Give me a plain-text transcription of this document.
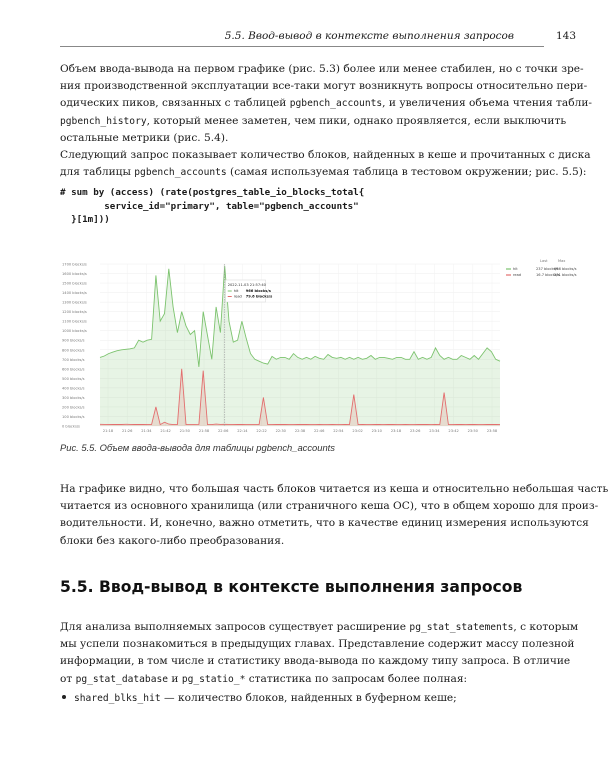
5.5. Ввод-вывод в контексте выполнения запросов	143

Объем ввода-вывода на первом графике (рис. 5.3) более или менее стабилен, но с точки зре-
ния производственной эксплуатации все-таки могут возникнуть вопросы относительно пери-
одических пиков, связанных с таблицей pgbench_accounts, и увеличения объема чтения табли-
pgbench_history, который менее заметен, чем пики, однако проявляется, если выключить
остальные метрики (рис. 5.4).

Следующий запрос показывает количество блоков, найденных в кеше и прочитанных с диска
для таблицы pgbench_accounts (самая используемая таблица в тестовом окружении; рис. 5.5):

# sum by (access) (rate(postgres_table_io_blocks_total{
service_id="primary", table="pgbench_accounts"
}[1m]))
0 blocks/s
100 blocks/s
200 blocks/s
300 blocks/s
400 blocks/s
500 blocks/s
600 blocks/s
700 blocks/s
800 blocks/s
900 blocks/s
1000 blocks/s
1100 blocks/s
1200 blocks/s
1300 blocks/s
1400 blocks/s
1500 blocks/s
1600 blocks/s
1700 blocks/s
21:18 21:26 21:34 21:42 21:50 21:58 22:06 22:14 22:22 22:30 22:38 22:46 22:54 23:02 23:10 23:18 23:26 23:34 23:42 23:50 23:58
2022-11-03 21:57:40
hit 966 blocks/s
read 79.6 blocks/s
Last	Max
hit	237 blocks/s
966 blocks/s
read	16.7 blocks/s
291 blocks/s
Рис. 5.5. Объем ввода-вывода для таблицы pgbench_accounts

На графике видно, что большая часть блоков читается из кеша и относительно небольшая часть
читается из основного хранилища (или страничного кеша ОС), что в общем хорошо для произ-
водительности. И, конечно, важно отметить, что в качестве единиц измерения используются
блоки без какого-либо преобразования.

5.5. Ввод-вывод в контексте выполнения запросов

Для анализа выполняемых запросов существует расширение pg_stat_statements, с которым
мы успели познакомиться в предыдущих главах. Представление содержит массу полезной
информации, в том числе и статистику ввода-вывода по каждому типу запроса. В отличие
от pg_stat_database и pg_statio_* статистика по запросам более полная:

shared_blks_hit — количество блоков, найденных в буферном кеше;
